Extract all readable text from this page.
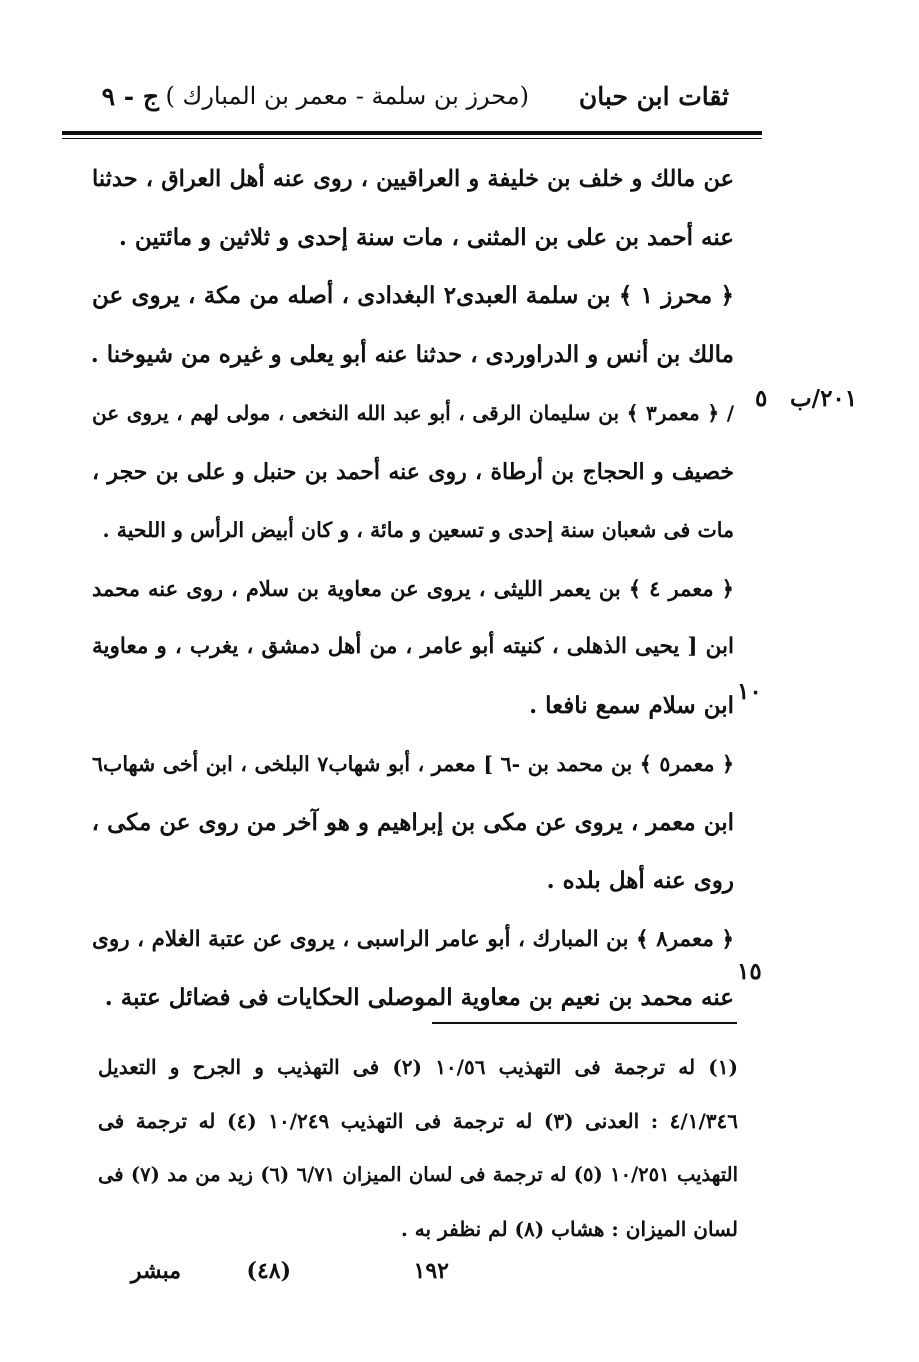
ثقات ابن حبان
(محرز بن سلمة - معمر بن المبارك )
ج - ٩
٢٠١/ب
٥
١٠
١٥
عن مالك و خلف بن خليفة و العراقيين ، روى عنه أهل العراق ، حدثنا
عنه أحمد بن على بن المثنى ، مات سنة إحدى و ثلاثين و مائتين .
﴿ محرز ١ ﴾ بن سلمة العبدى٢ البغدادى ، أصله من مكة ، يروى عن
مالك بن أنس و الدراوردى ، حدثنا عنه أبو يعلى و غيره من شيوخنا .
/ ﴿ معمر٣ ﴾ بن سليمان الرقى ، أبو عبد الله النخعى ، مولى لهم ، يروى عن
خصيف و الحجاج بن أرطاة ، روى عنه أحمد بن حنبل و على بن حجر ،
مات فى شعبان سنة إحدى و تسعين و مائة ، و كان أبيض الرأس و اللحية .
﴿ معمر ٤ ﴾ بن يعمر الليثى ، يروى عن معاوية بن سلام ، روى عنه محمد
ابن [ يحيى الذهلى ، كنيته أبو عامر ، من أهل دمشق ، يغرب ، و معاوية
ابن سلام سمع نافعا .
﴿ معمر٥ ﴾ بن محمد بن -٦ ] معمر ، أبو شهاب٧ البلخى ، ابن أخى شهاب٦
ابن معمر ، يروى عن مكى بن إبراهيم و هو آخر من روى عن مكى ،
روى عنه أهل بلده .
﴿ معمر٨ ﴾ بن المبارك ، أبو عامر الراسبى ، يروى عن عتبة الغلام ، روى
عنه محمد بن نعيم بن معاوية الموصلى الحكايات فى فضائل عتبة .
(١) له ترجمة فى التهذيب ١٠/٥٦ (٢) فى التهذيب و الجرح و التعديل
٤/١/٣٤٦ : العدنى (٣) له ترجمة فى التهذيب ١٠/٢٤٩ (٤) له ترجمة فى
التهذيب ١٠/٢٥١ (٥) له ترجمة فى لسان الميزان ٦/٧١ (٦) زيد من مد (٧) فى
لسان الميزان : هشاب (٨) لم نظفر به .
١٩٢
(٤٨)
مبشر
